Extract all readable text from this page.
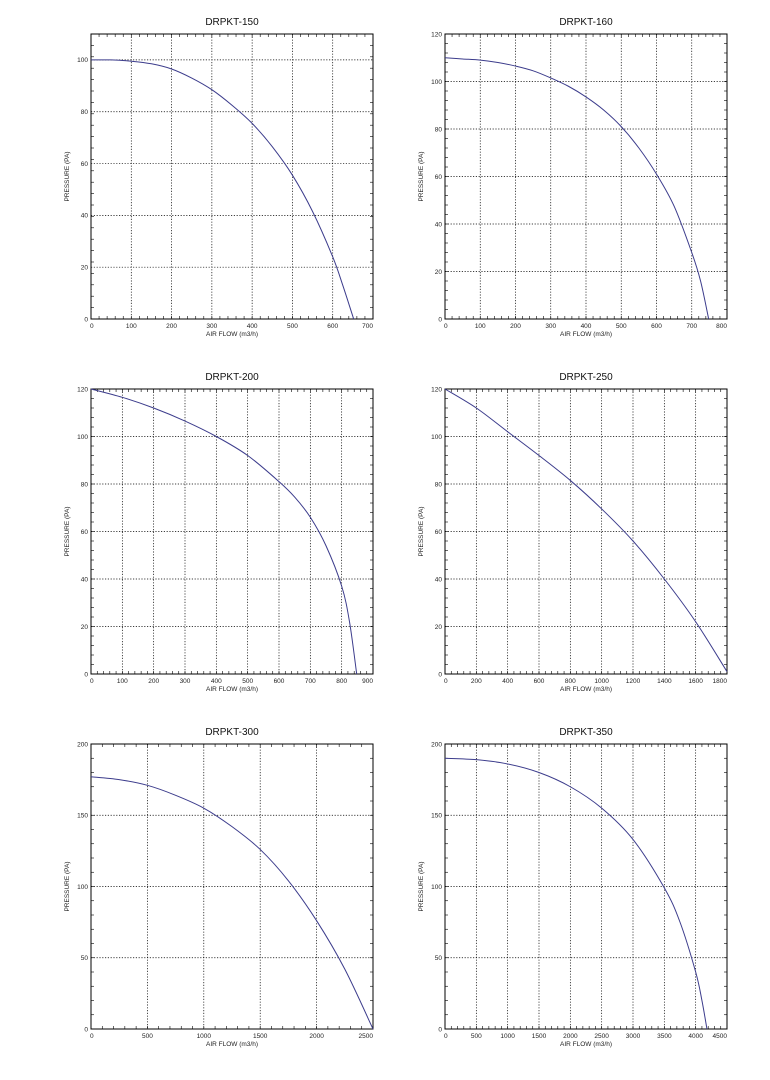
0	100	200	300	400	500	600	700
0
20
40
60
80
100
DRPKT-150
AIR FLOW (m3/h)
PRESSURE (PA)
0	100	200	300	400	500	600	700	800
0
20
40
60
80
100
120
DRPKT-160
AIR FLOW (m3/h)
PRESSURE (PA)
0	100	200	300	400	500	600	700	800 900
0
20
40
60
80
100
120
DRPKT-200
AIR FLOW (m3/h)
PRESSURE (PA)
0	200	400	600	800	1000	1200	1400	1600 1800
0
20
40
60
80
100
120
DRPKT-250
AIR FLOW (m3/h)
PRESSURE (PA)
0	500	1000	1500	2000	2500
0
50
100
150
200
DRPKT-300
AIR FLOW (m3/h)
PRESSURE (PA)
0	500	1000	1500	2000	2500	3000	3500	4000 4500
0
50
100
150
200
DRPKT-350
AIR FLOW (m3/h)
PRESSURE (PA)
